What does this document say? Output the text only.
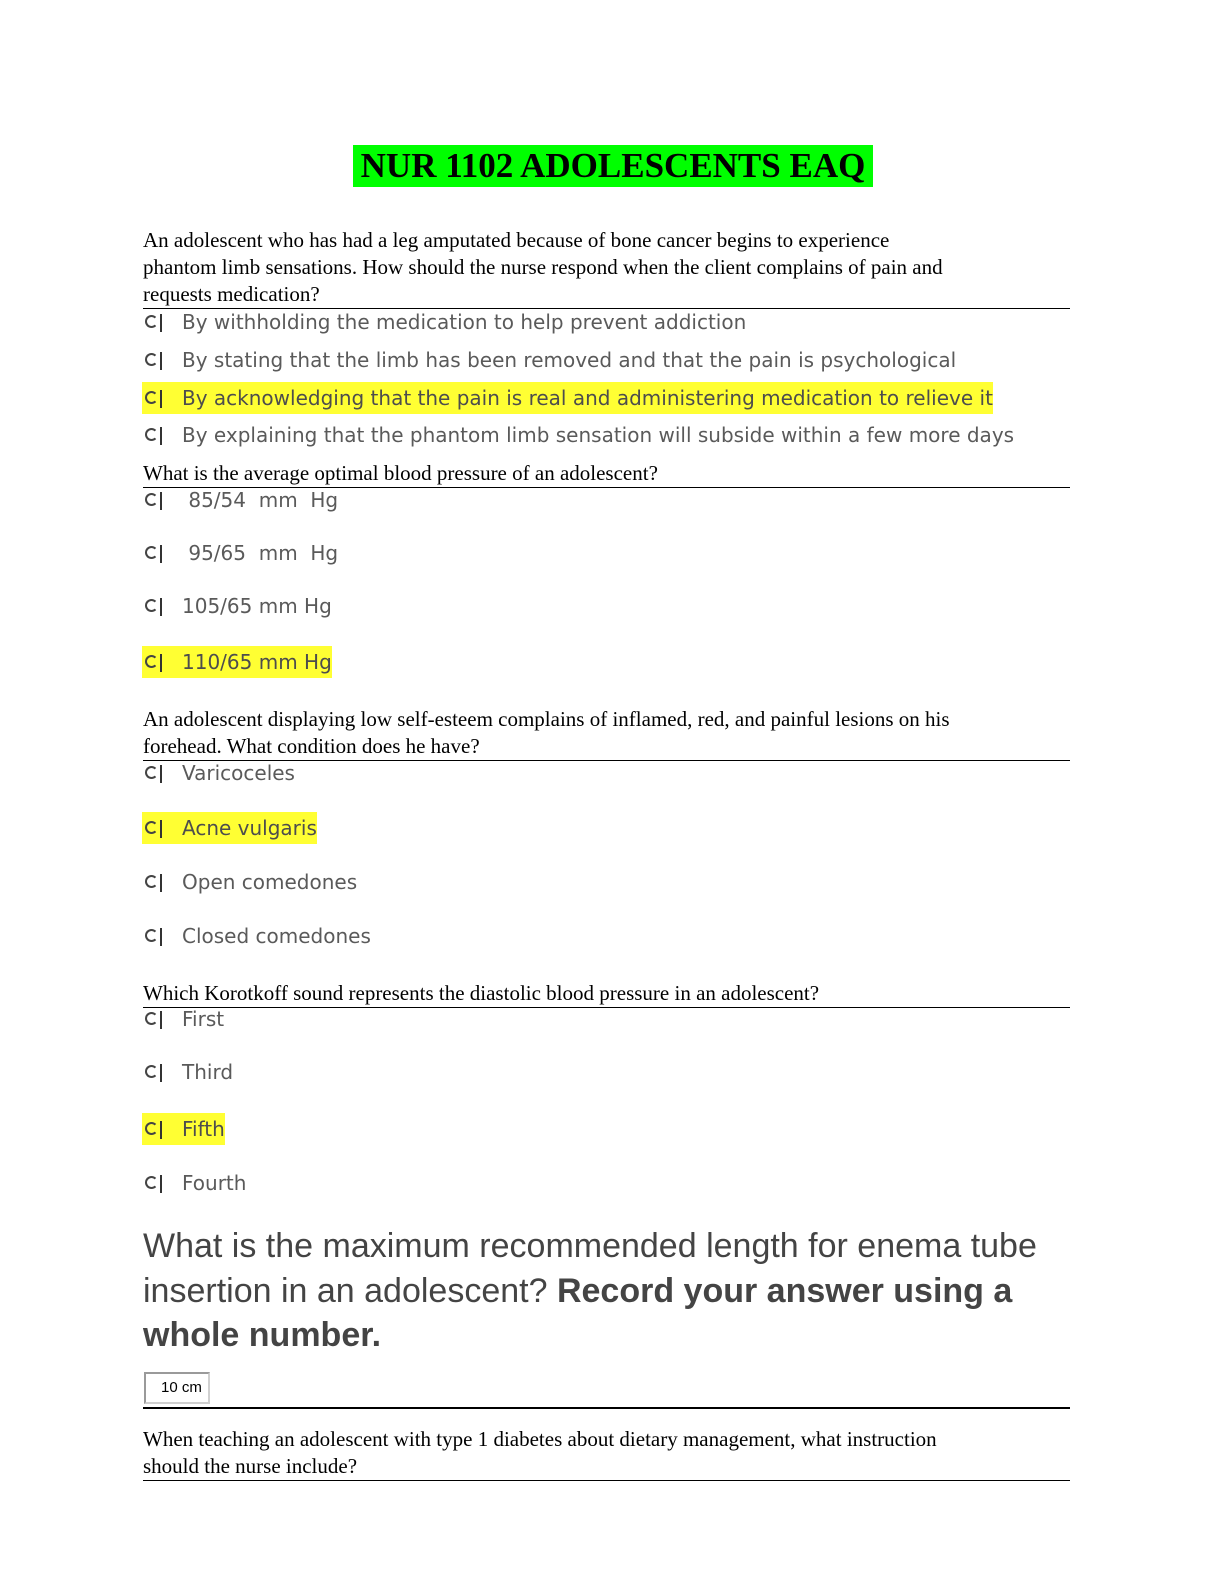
NUR 1102 ADOLESCENTS EAQ
An adolescent who has had a leg amputated because of bone cancer begins to experience
phantom limb sensations. How should the nurse respond when the client complains of pain and
requests medication?
By withholding the medication to help prevent addiction
By stating that the limb has been removed and that the pain is psychological
By acknowledging that the pain is real and administering medication to relieve it
By explaining that the phantom limb sensation will subside within a few more days
What is the average optimal blood pressure of an adolescent?
85/54  mm  Hg
95/65  mm  Hg
105/65 mm Hg
110/65 mm Hg
An adolescent displaying low self-esteem complains of inflamed, red, and painful lesions on his
forehead. What condition does he have?
Varicoceles
Acne vulgaris
Open comedones
Closed comedones
Which Korotkoff sound represents the diastolic blood pressure in an adolescent?
First
Third
Fifth
Fourth
What is the maximum recommended length for enema tube insertion in an adolescent? Record your answer using a whole number.
10 cm
When teaching an adolescent with type 1 diabetes about dietary management, what instruction
should the nurse include?
